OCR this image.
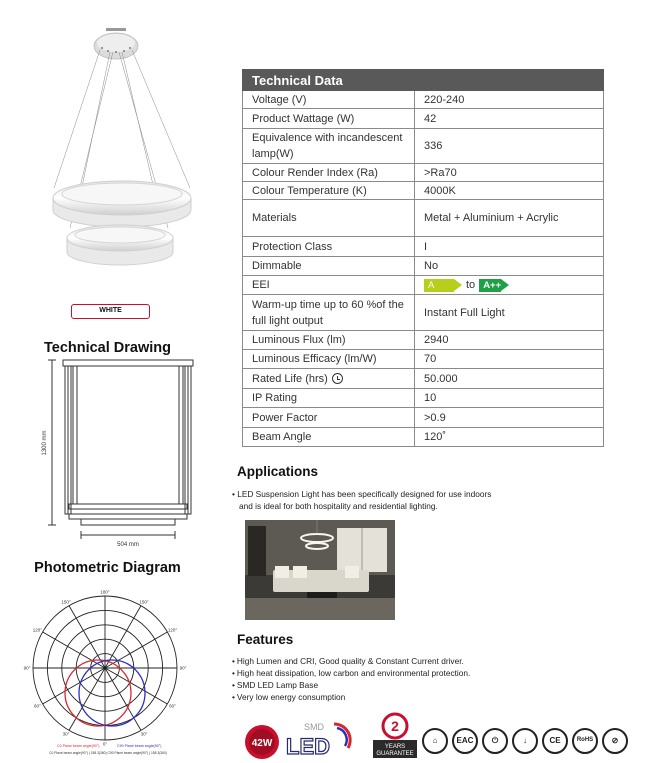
WHITE
Technical Drawing
1300 mm
504 mm
Photometric Diagram
180°
150°
150°
120°
120°
90°
90°
60°
60°
30°
30°
0°
C0 Plane beam angle(90°)	C90 Plane beam angle(90°)
C0 Plane beam angle(90°) | 158.3(360) C90 Plane beam angle(90°) | 158.3(360)
Technical Data	
Voltage (V)	220-240
Product Wattage (W)	42
Equivalence with incandescent lamp(W)	336
Colour Render Index (Ra)	>Ra70
Colour Temperature (K)	4000K
Materials	Metal + Aluminium + Acrylic
Protection Class	I
Dimmable	No
EEI	A to A++
Warm-up time up to 60 %of the full light output	Instant Full Light
Luminous Flux (lm)	2940
Luminous Efficacy (lm/W)	70
Rated Life (hrs)	50.000
IP Rating	10
Power Factor	>0.9
Beam Angle	120˚
Applications
• LED Suspension Light has been specifically designed for use indoors
and is ideal for both hospitality and residential lighting.
Features
• High Lumen and CRI, Good quality & Constant Current driver.
• High heat dissipation, low carbon and environmental protection.
• SMD LED Lamp Base
• Very low energy consumption
42W
SMD
LED
2
YEARS
GUARANTEE
⌂	EAC	⏻	↓	CE	RoHS	⊘
